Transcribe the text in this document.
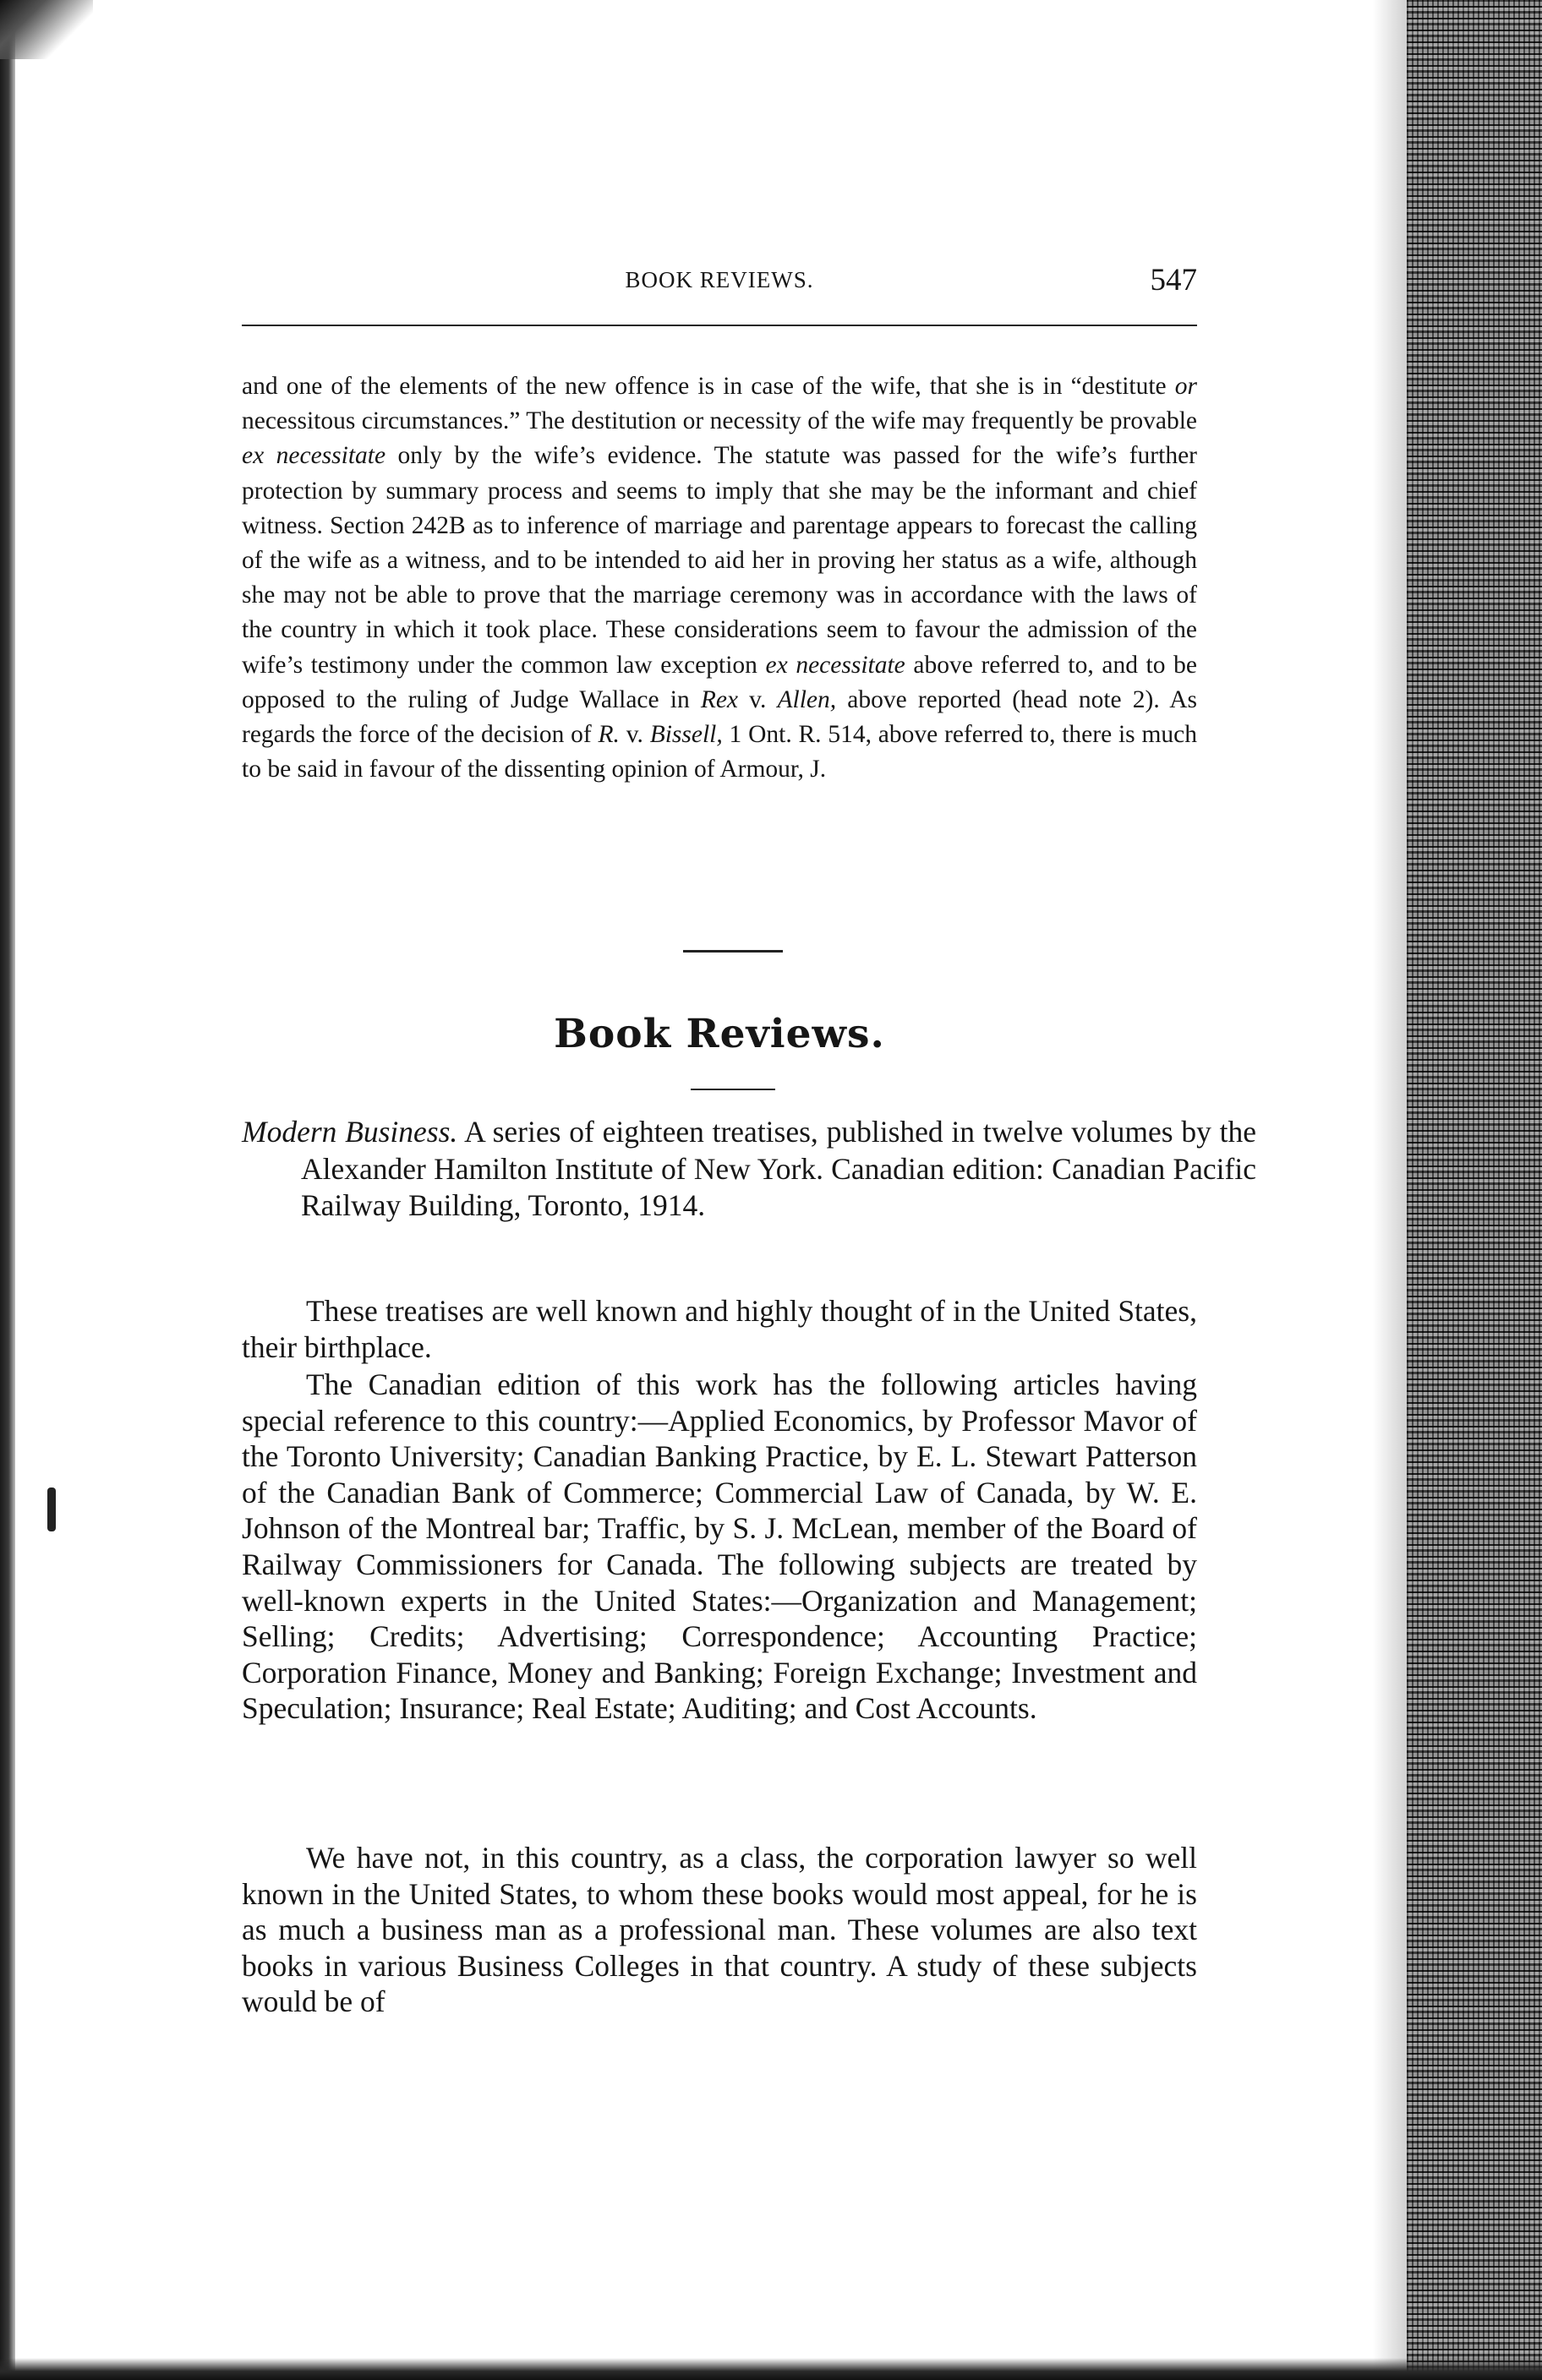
BOOK REVIEWS.	547

and one of the elements of the new offence is in case of the wife, that she is in “destitute or necessitous circumstances.” The destitution or necessity of the wife may frequently be provable ex necessitate only by the wife’s evidence. The statute was passed for the wife’s further protection by summary process and seems to imply that she may be the informant and chief witness. Section 242B as to inference of marriage and parentage appears to forecast the calling of the wife as a witness, and to be intended to aid her in proving her status as a wife, although she may not be able to prove that the marriage ceremony was in accordance with the laws of the country in which it took place. These considerations seem to favour the admission of the wife’s testimony under the common law exception ex necessitate above referred to, and to be opposed to the ruling of Judge Wallace in Rex v. Allen, above reported (head note 2). As regards the force of the decision of R. v. Bissell, 1 Ont. R. 514, above referred to, there is much to be said in favour of the dissenting opinion of Armour, J.

Book Reviews.

Modern Business. A series of eighteen treatises, published in twelve volumes by the Alexander Hamilton Institute of New York. Canadian edition: Canadian Pacific Railway Building, Toronto, 1914.

These treatises are well known and highly thought of in the United States, their birthplace.

The Canadian edition of this work has the following articles having special reference to this country:—Applied Economics, by Professor Mavor of the Toronto University; Canadian Banking Practice, by E. L. Stewart Patterson of the Canadian Bank of Commerce; Commercial Law of Canada, by W. E. Johnson of the Montreal bar; Traffic, by S. J. McLean, member of the Board of Railway Commissioners for Canada. The following subjects are treated by well-known experts in the United States:—Organization and Management; Selling; Credits; Advertising; Correspondence; Accounting Practice; Corporation Finance, Money and Banking; Foreign Exchange; Investment and Speculation; Insurance; Real Estate; Auditing; and Cost Accounts.

We have not, in this country, as a class, the corporation lawyer so well known in the United States, to whom these books would most appeal, for he is as much a business man as a professional man. These volumes are also text books in various Business Colleges in that country. A study of these subjects would be of
